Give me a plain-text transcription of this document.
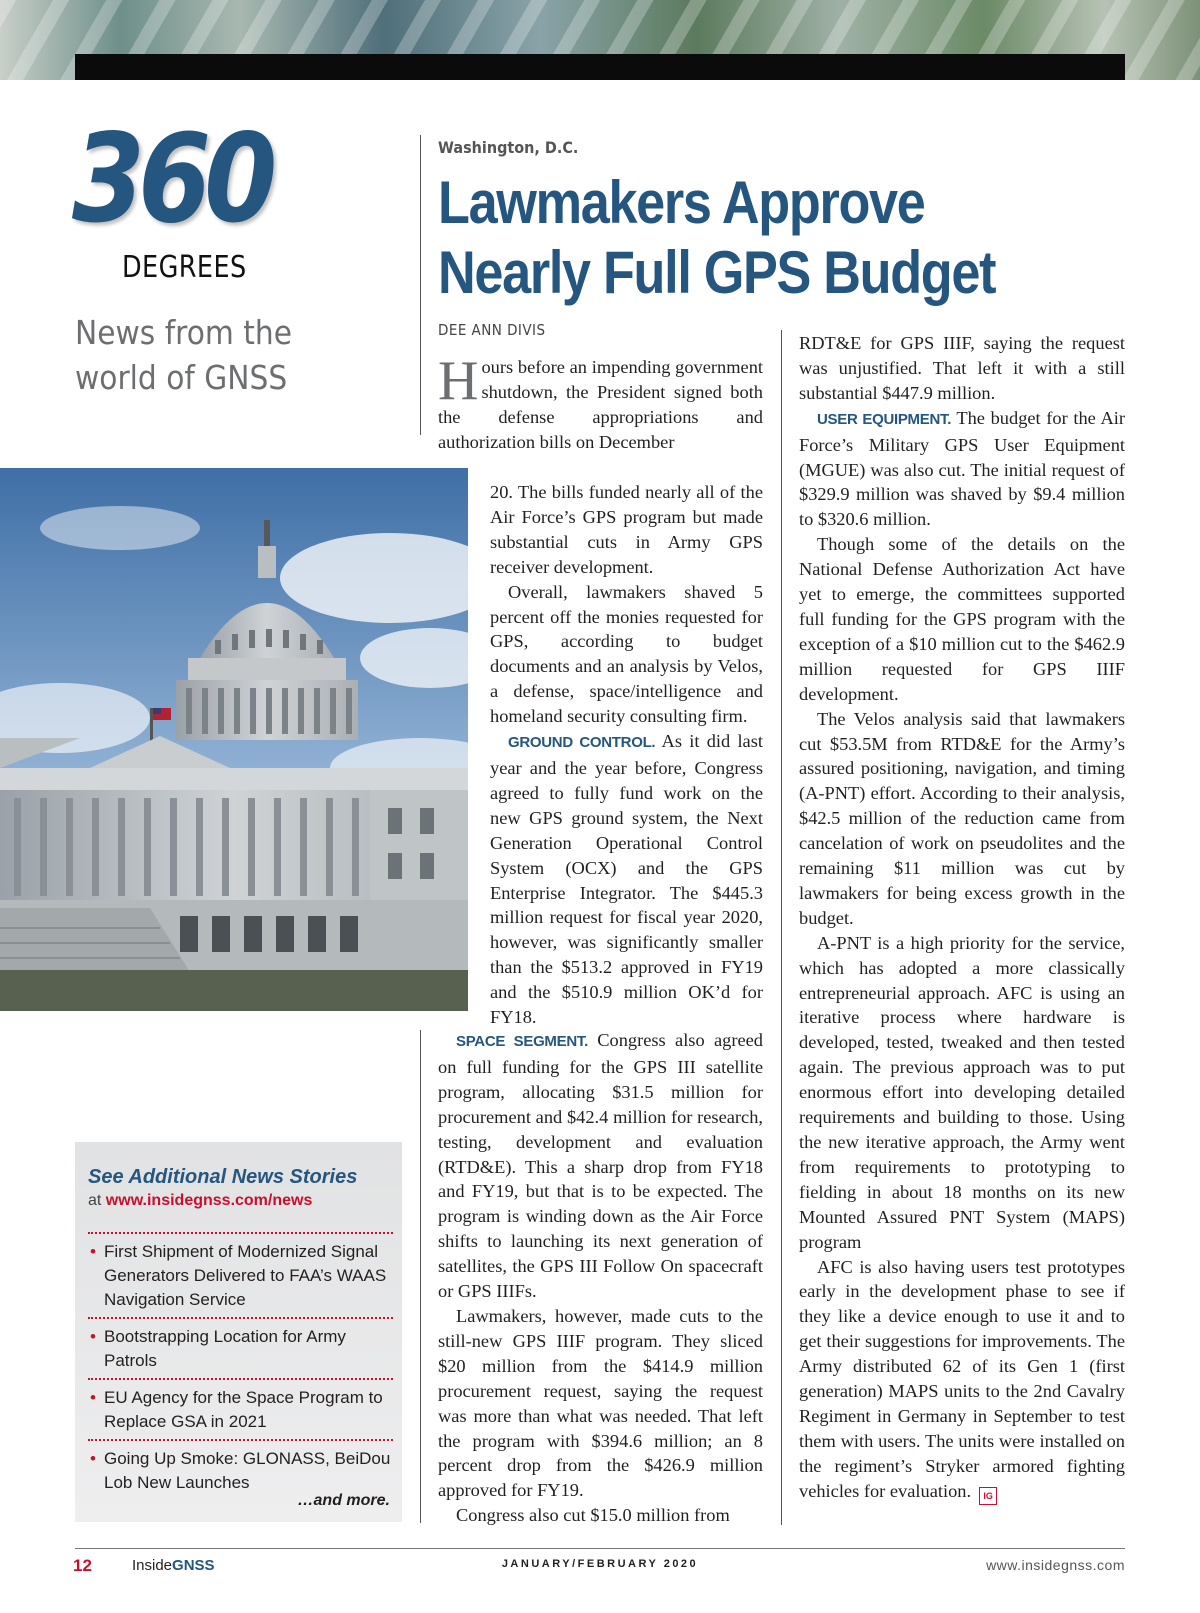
360
DEGREES
News from the world of GNSS
Washington, D.C.
Lawmakers Approve Nearly Full GPS Budget
DEE ANN DIVIS

Hours before an impending government shutdown, the President signed both the defense appropriations and authorization bills on December

20. The bills funded nearly all of the Air Force’s GPS program but made substantial cuts in Army GPS receiver development.

Overall, lawmakers shaved 5 percent off the monies requested for GPS, according to budget documents and an analysis by Velos, a defense, space/intelligence and homeland security consulting firm.

GROUND CONTROL. As it did last year and the year before, Congress agreed to fully fund work on the new GPS ground system, the Next Generation Operational Control System (OCX) and the GPS Enterprise Integrator. The $445.3 million request for fiscal year 2020, however, was significantly smaller than the $513.2 approved in FY19 and the $510.9 million OK’d for FY18.

SPACE SEGMENT. Congress also agreed on full funding for the GPS III satellite program, allocating $31.5 million for procurement and $42.4 million for research, testing, development and evaluation (RTD&E). This a sharp drop from FY18 and FY19, but that is to be expected. The program is winding down as the Air Force shifts to launching its next generation of satellites, the GPS III Follow On spacecraft or GPS IIIFs.

Lawmakers, however, made cuts to the still-new GPS IIIF program. They sliced $20 million from the $414.9 million procurement request, saying the request was more than what was needed. That left the program with $394.6 million; an 8 percent drop from the $426.9 million approved for FY19.

Congress also cut $15.0 million from

RDT&E for GPS IIIF, saying the request was unjustified. That left it with a still substantial $447.9 million.

USER EQUIPMENT. The budget for the Air Force’s Military GPS User Equipment (MGUE) was also cut. The initial request of $329.9 million was shaved by $9.4 million to $320.6 million.

Though some of the details on the National Defense Authorization Act have yet to emerge, the committees supported full funding for the GPS program with the exception of a $10 million cut to the $462.9 million requested for GPS IIIF development.

The Velos analysis said that lawmakers cut $53.5M from RTD&E for the Army’s assured positioning, navigation, and timing (A-PNT) effort. According to their analysis, $42.5 million of the reduction came from cancelation of work on pseudolites and the remaining $11 million was cut by lawmakers for being excess growth in the budget.

A-PNT is a high priority for the service, which has adopted a more classically entrepreneurial approach. AFC is using an iterative process where hardware is developed, tested, tweaked and then tested again. The previous approach was to put enormous effort into developing detailed requirements and building to those. Using the new iterative approach, the Army went from requirements to prototyping to fielding in about 18 months on its new Mounted Assured PNT System (MAPS) program

AFC is also having users test prototypes early in the development phase to see if they like a device enough to use it and to get their suggestions for improvements. The Army distributed 62 of its Gen 1 (first generation) MAPS units to the 2nd Cavalry Regiment in Germany in September to test them with users. The units were installed on the regiment’s Stryker armored fighting vehicles for evaluation. IG

See Additional News Stories
at www.insidegnss.com/news
• First Shipment of Modernized Signal Generators Delivered to FAA’s WAAS Navigation Service
• Bootstrapping Location for Army Patrols
• EU Agency for the Space Program to Replace GSA in 2021
• Going Up Smoke: GLONASS, BeiDou Lob New Launches
…and more.
12	InsideGNSS	JANUARY/FEBRUARY 2020	www.insidegnss.com
